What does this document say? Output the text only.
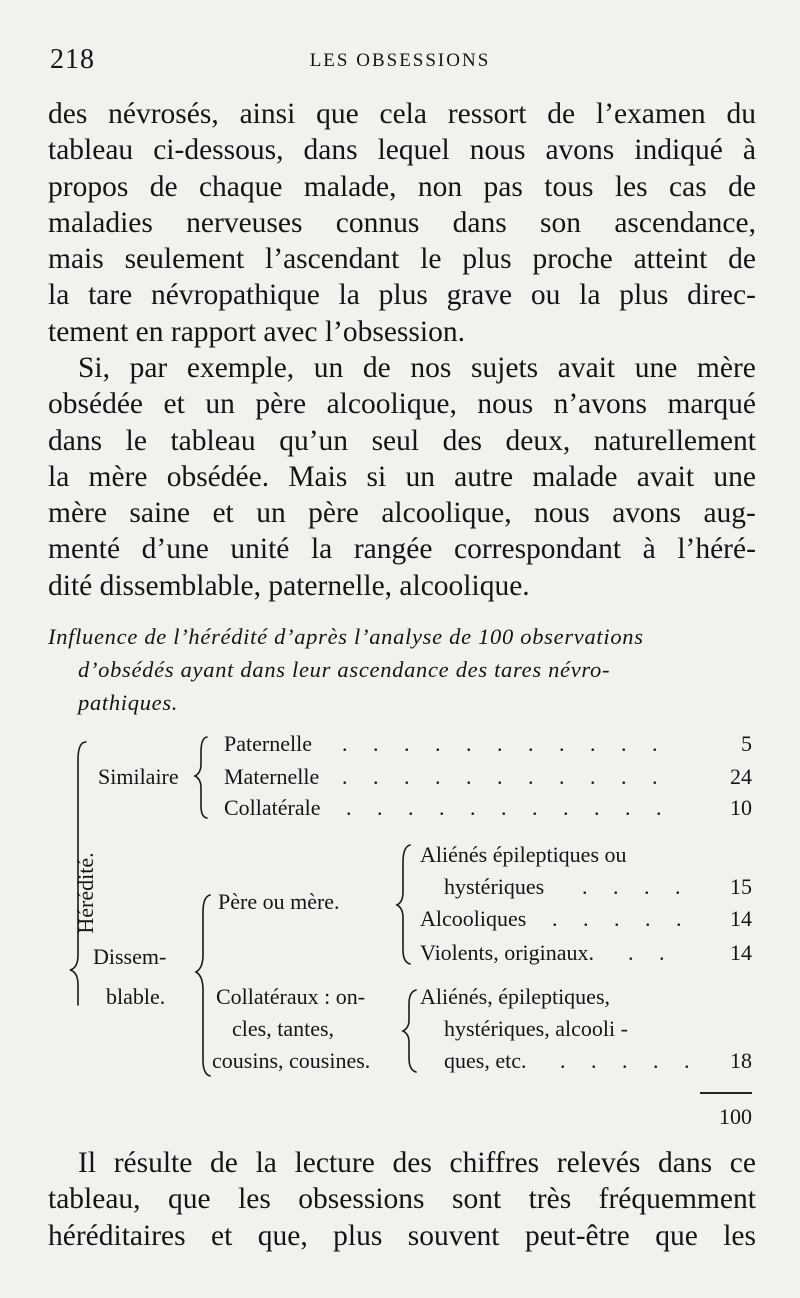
218	LES OBSESSIONS
des névrosés, ainsi que cela ressort de l’examen du
tableau ci-dessous, dans lequel nous avons indiqué à
propos de chaque malade, non pas tous les cas de
maladies nerveuses connus dans son ascendance,
mais seulement l’ascendant le plus proche atteint de
la tare névropathique la plus grave ou la plus direc-
tement en rapport avec l’obsession.
Si, par exemple, un de nos sujets avait une mère
obsédée et un père alcoolique, nous n’avons marqué
dans le tableau qu’un seul des deux, naturellement
la mère obsédée. Mais si un autre malade avait une
mère saine et un père alcoolique, nous avons aug-
menté d’une unité la rangée correspondant à l’héré-
dité dissemblable, paternelle, alcoolique.
Influence de l’hérédité d’après l’analyse de 100 observations
d’obsédés ayant dans leur ascendance des tares névro-
pathiques.
Hérédité.
Similaire
Paternelle . . . . . . . . . . .	5
Maternelle . . . . . . . . . . .	24
Collatérale . . . . . . . . . . .	10
Dissem-
blable.
Père ou mère.
Aliénés épileptiques ou
hystériques . . . .	15
Alcooliques . . . . .	14
Violents, originaux. . .	14
Collatéraux : on-
cles, tantes,
cousins, cousines.
Aliénés, épileptiques,
hystériques, alcooli -
ques, etc. . . . . .	18
100
Il résulte de la lecture des chiffres relevés dans ce
tableau, que les obsessions sont très fréquemment
héréditaires et que, plus souvent peut-être que les
